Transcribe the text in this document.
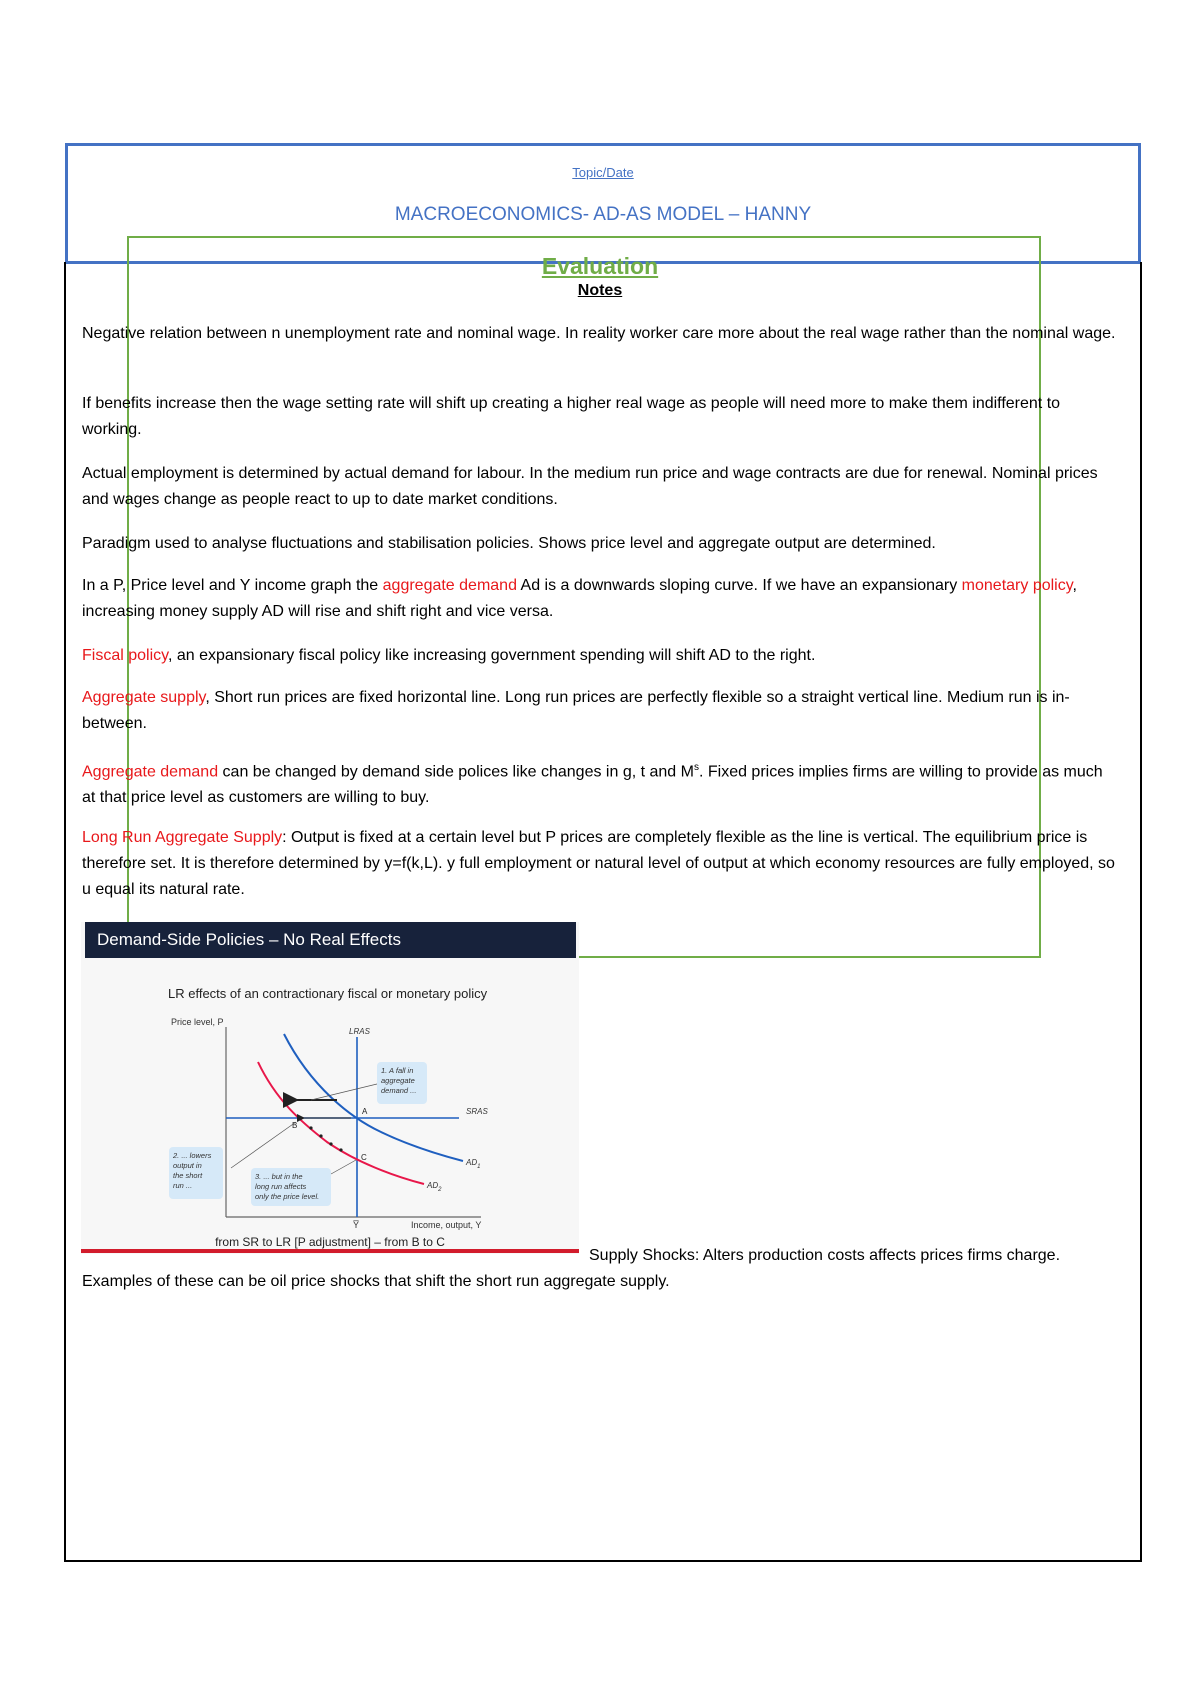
Topic/Date
MACROECONOMICS- AD-AS MODEL – HANNY
Evaluation
Notes
Negative relation between n unemployment rate and nominal wage. In reality worker care more about the real wage rather than the nominal wage.
If benefits increase then the wage setting rate will shift up creating a higher real wage as people will need more to make them indifferent to working.
Actual employment is determined by actual demand for labour. In the medium run price and wage contracts are due for renewal. Nominal prices and wages change as people react to up to date market conditions.
Paradigm used to analyse fluctuations and stabilisation policies. Shows price level and aggregate output are determined.
In a P, Price level and Y income graph the aggregate demand Ad is a downwards sloping curve. If we have an expansionary monetary policy, increasing money supply AD will rise and shift right and vice versa.
Fiscal policy, an expansionary fiscal policy like increasing government spending will shift AD to the right.
Aggregate supply, Short run prices are fixed horizontal line. Long run prices are perfectly flexible so a straight vertical line. Medium run is in-between.
Aggregate demand can be changed by demand side polices like changes in g, t and $M^s$. Fixed prices implies firms are willing to provide as much at that price level as customers are willing to buy.
Long Run Aggregate Supply: Output is fixed at a certain level but P prices are completely flexible as the line is vertical. The equilibrium price is therefore set. It is therefore determined by y=f(k,L). y full employment or natural level of output at which economy resources are fully employed, so u equal its natural rate.
Demand-Side Policies – No Real Effects
LR effects of an contractionary fiscal or monetary policy
Price level, P
Income, output, Y
LRAS
Y̅
SRAS
$AD_1$
$AD_2$
A
B
C
1. A fall in
aggregate
demand ...
2. ... lowers
output in
the short
run ...
3. ... but in the
long run affects
only the price level.
from SR to LR [P adjustment] – from B to C
Supply Shocks: Alters production costs affects prices firms charge. Examples of these can be oil price shocks that shift the short run aggregate supply.
